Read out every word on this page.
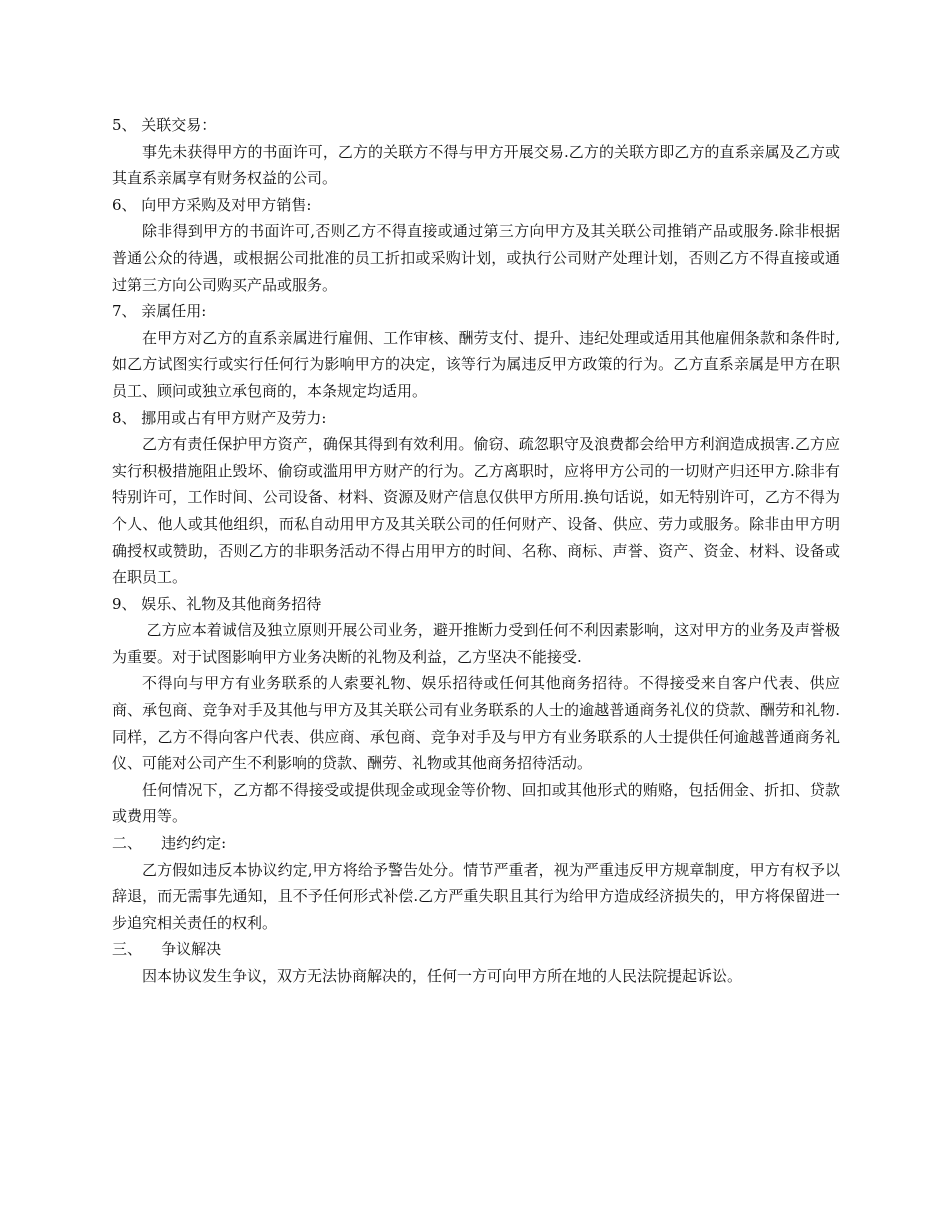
5、 关联交易：

事先未获得甲方的书面许可，乙方的关联方不得与甲方开展交易.乙方的关联方即乙方的直系亲属及乙方或其直系亲属享有财务权益的公司。

6、 向甲方采购及对甲方销售:

除非得到甲方的书面许可,否则乙方不得直接或通过第三方向甲方及其关联公司推销产品或服务.除非根据普通公众的待遇，或根据公司批准的员工折扣或采购计划，或执行公司财产处理计划，否则乙方不得直接或通过第三方向公司购买产品或服务。

7、 亲属任用:

在甲方对乙方的直系亲属进行雇佣、工作审核、酬劳支付、提升、违纪处理或适用其他雇佣条款和条件时,如乙方试图实行或实行任何行为影响甲方的决定，该等行为属违反甲方政策的行为。乙方直系亲属是甲方在职员工、顾问或独立承包商的，本条规定均适用。

8、 挪用或占有甲方财产及劳力:

乙方有责任保护甲方资产，确保其得到有效利用。偷窃、疏忽职守及浪费都会给甲方利润造成损害.乙方应实行积极措施阻止毁坏、偷窃或滥用甲方财产的行为。乙方离职时，应将甲方公司的一切财产归还甲方.除非有特别许可，工作时间、公司设备、材料、资源及财产信息仅供甲方所用.换句话说，如无特别许可，乙方不得为个人、他人或其他组织，而私自动用甲方及其关联公司的任何财产、设备、供应、劳力或服务。除非由甲方明确授权或赞助，否则乙方的非职务活动不得占用甲方的时间、名称、商标、声誉、资产、资金、材料、设备或在职员工。

9、 娱乐、礼物及其他商务招待

乙方应本着诚信及独立原则开展公司业务，避开推断力受到任何不利因素影响，这对甲方的业务及声誉极为重要。对于试图影响甲方业务决断的礼物及利益，乙方坚决不能接受.

不得向与甲方有业务联系的人索要礼物、娱乐招待或任何其他商务招待。不得接受来自客户代表、供应商、承包商、竞争对手及其他与甲方及其关联公司有业务联系的人士的逾越普通商务礼仪的贷款、酬劳和礼物.同样，乙方不得向客户代表、供应商、承包商、竞争对手及与甲方有业务联系的人士提供任何逾越普通商务礼仪、可能对公司产生不利影响的贷款、酬劳、礼物或其他商务招待活动。

任何情况下，乙方都不得接受或提供现金或现金等价物、回扣或其他形式的贿赂，包括佣金、折扣、贷款或费用等。

二、    违约约定:

乙方假如违反本协议约定,甲方将给予警告处分。情节严重者，视为严重违反甲方规章制度，甲方有权予以辞退，而无需事先通知，且不予任何形式补偿.乙方严重失职且其行为给甲方造成经济损失的，甲方将保留进一步追究相关责任的权利。

三、    争议解决

因本协议发生争议，双方无法协商解决的，任何一方可向甲方所在地的人民法院提起诉讼。
